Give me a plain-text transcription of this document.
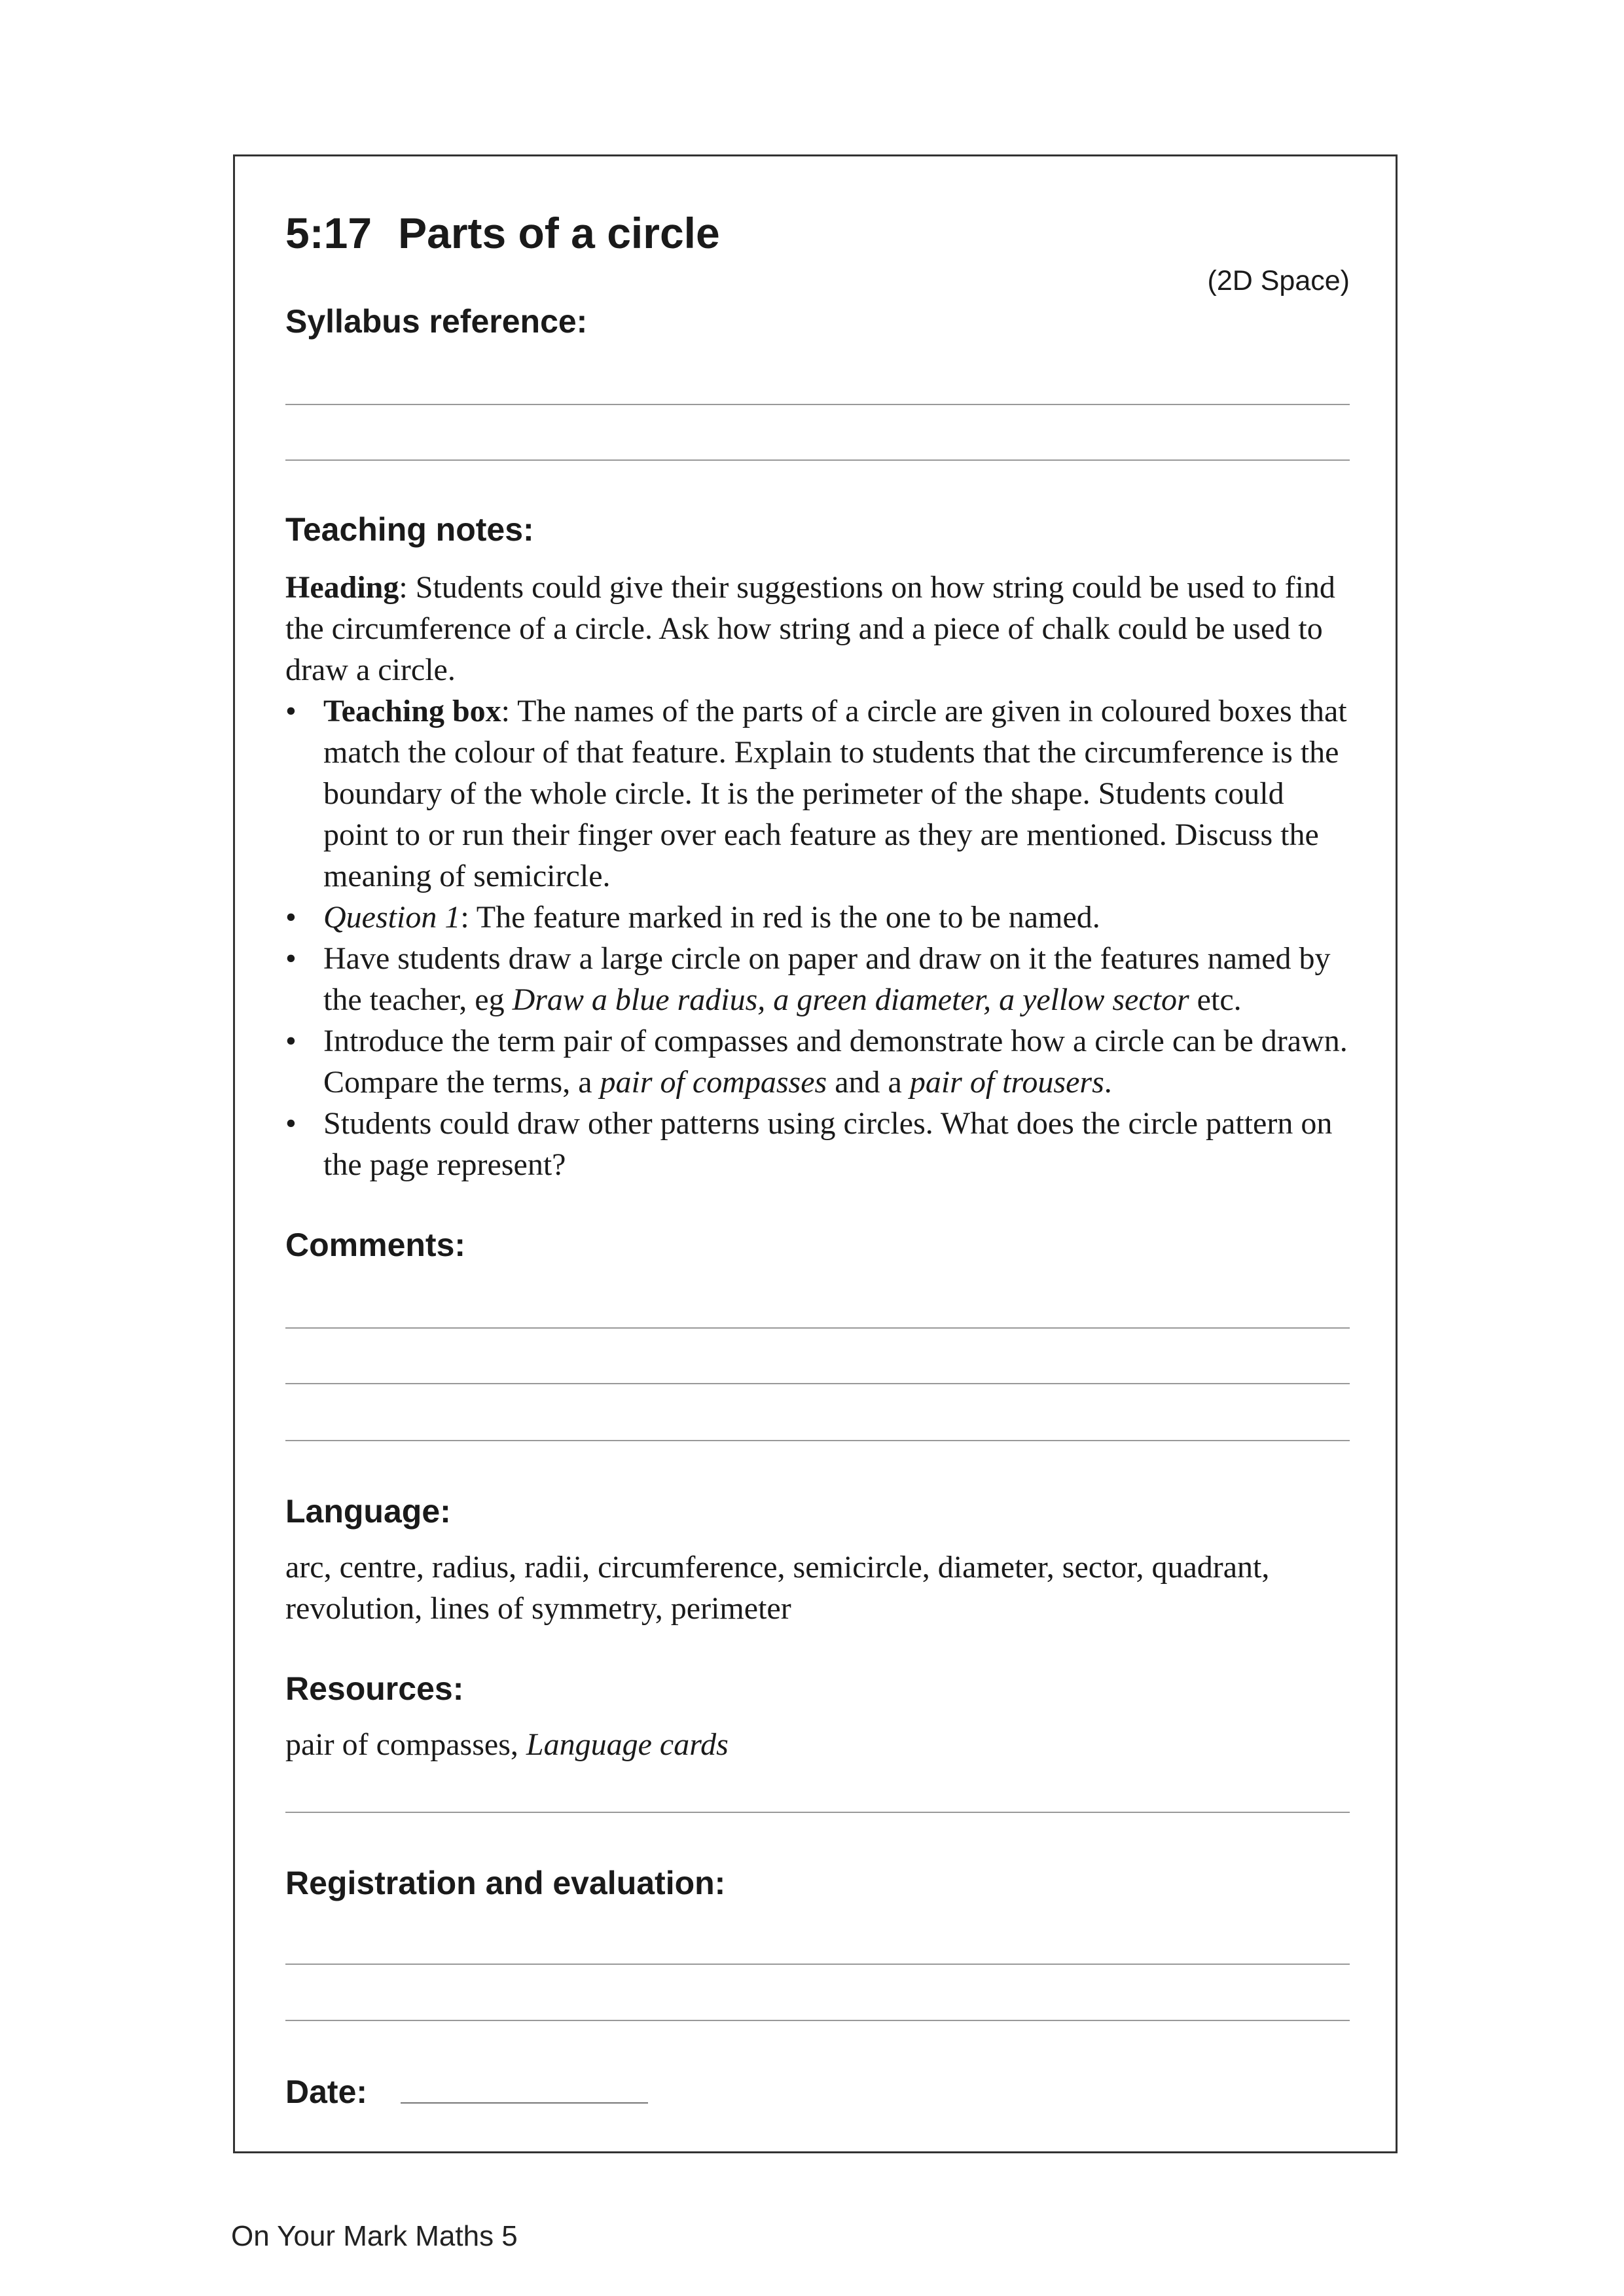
5:17 Parts of a circle
(2D Space)
Syllabus reference:
Teaching notes:

Heading: Students could give their suggestions on how string could be used to find the circumference of a circle. Ask how string and a piece of chalk could be used to draw a circle.

• Teaching box: The names of the parts of a circle are given in coloured boxes that match the colour of that feature. Explain to students that the circumference is the boundary of the whole circle. It is the perimeter of the shape. Students could point to or run their finger over each feature as they are mentioned. Discuss the meaning of semicircle.
• Question 1: The feature marked in red is the one to be named.
• Have students draw a large circle on paper and draw on it the features named by the teacher, eg Draw a blue radius, a green diameter, a yellow sector etc.
• Introduce the term pair of compasses and demonstrate how a circle can be drawn. Compare the terms, a pair of compasses and a pair of trousers.
• Students could draw other patterns using circles. What does the circle pattern on the page represent?
Comments:
Language:
arc, centre, radius, radii, circumference, semicircle, diameter, sector, quadrant, revolution, lines of symmetry, perimeter
Resources:
pair of compasses, Language cards
Registration and evaluation:
Date:
On Your Mark Maths 5
